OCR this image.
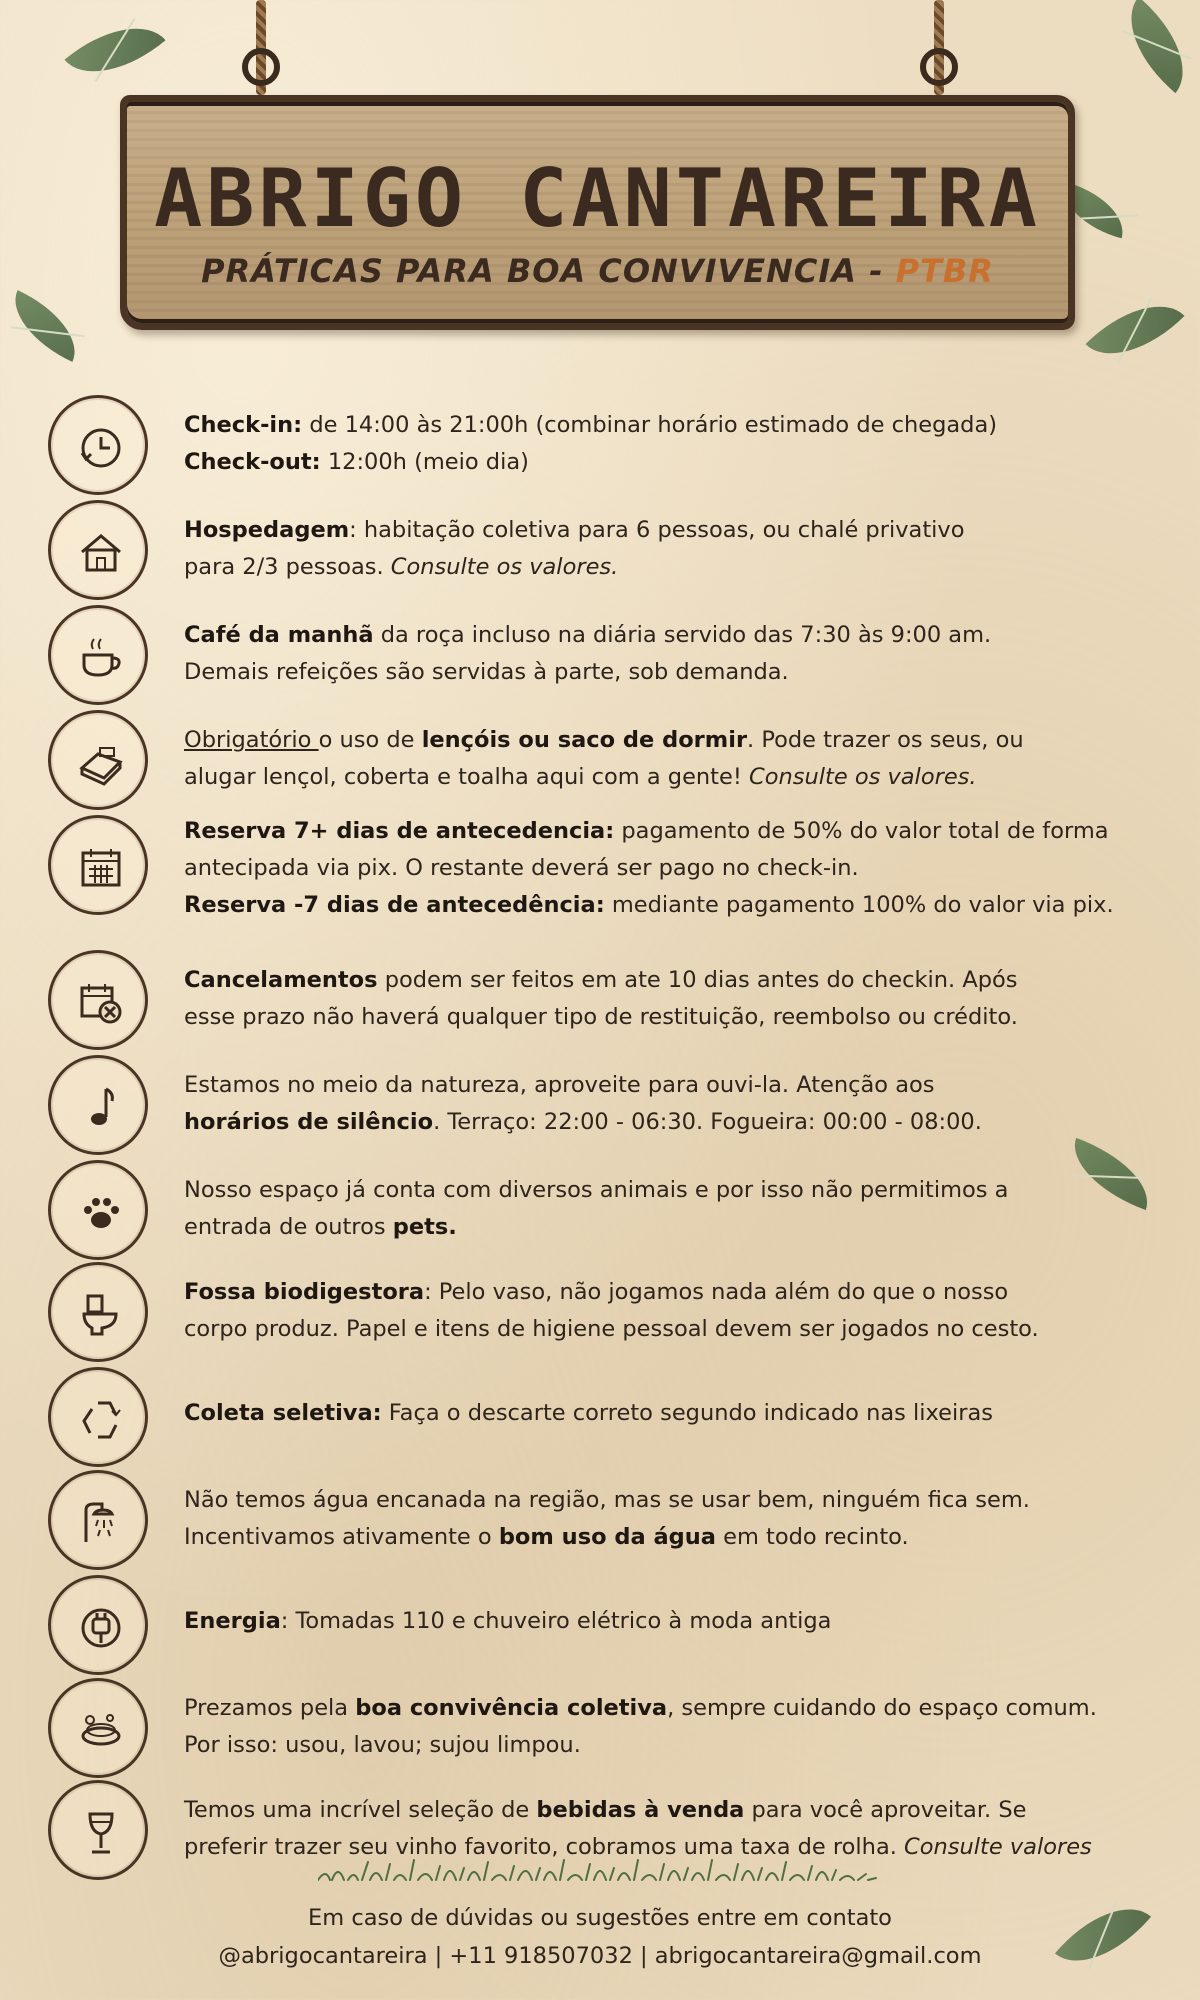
ABRIGO CANTAREIRA
PRÁTICAS PARA BOA CONVIVENCIA - PTBR
Check-in: de 14:00 às 21:00h (combinar horário estimado de chegada)
Check-out: 12:00h (meio dia)
Hospedagem: habitação coletiva para 6 pessoas, ou chalé privativo
para 2/3 pessoas. Consulte os valores.
Café da manhã da roça incluso na diária servido das 7:30 às 9:00 am.
Demais refeições são servidas à parte, sob demanda.
Obrigatório o uso de lençóis ou saco de dormir. Pode trazer os seus, ou
alugar lençol, coberta e toalha aqui com a gente! Consulte os valores.
Reserva 7+ dias de antecedencia: pagamento de 50% do valor total de forma
antecipada via pix. O restante deverá ser pago no check-in.
Reserva -7 dias de antecedência: mediante pagamento 100% do valor via pix.
Cancelamentos podem ser feitos em ate 10 dias antes do checkin. Após
esse prazo não haverá qualquer tipo de restituição, reembolso ou crédito.
Estamos no meio da natureza, aproveite para ouvi-la. Atenção aos
horários de silêncio. Terraço: 22:00 - 06:30. Fogueira: 00:00 - 08:00.
Nosso espaço já conta com diversos animais e por isso não permitimos a
entrada de outros pets.
Fossa biodigestora: Pelo vaso, não jogamos nada além do que o nosso
corpo produz. Papel e itens de higiene pessoal devem ser jogados no cesto.
Coleta seletiva: Faça o descarte correto segundo indicado nas lixeiras
Não temos água encanada na região, mas se usar bem, ninguém fica sem.
Incentivamos ativamente o bom uso da água em todo recinto.
Energia: Tomadas 110 e chuveiro elétrico à moda antiga
Prezamos pela boa convivência coletiva, sempre cuidando do espaço comum.
Por isso: usou, lavou; sujou limpou.
Temos uma incrível seleção de bebidas à venda para você aproveitar. Se
preferir trazer seu vinho favorito, cobramos uma taxa de rolha. Consulte valores
Em caso de dúvidas ou sugestões entre em contato
@abrigocantareira | +11 918507032 | abrigocantareira@gmail.com
